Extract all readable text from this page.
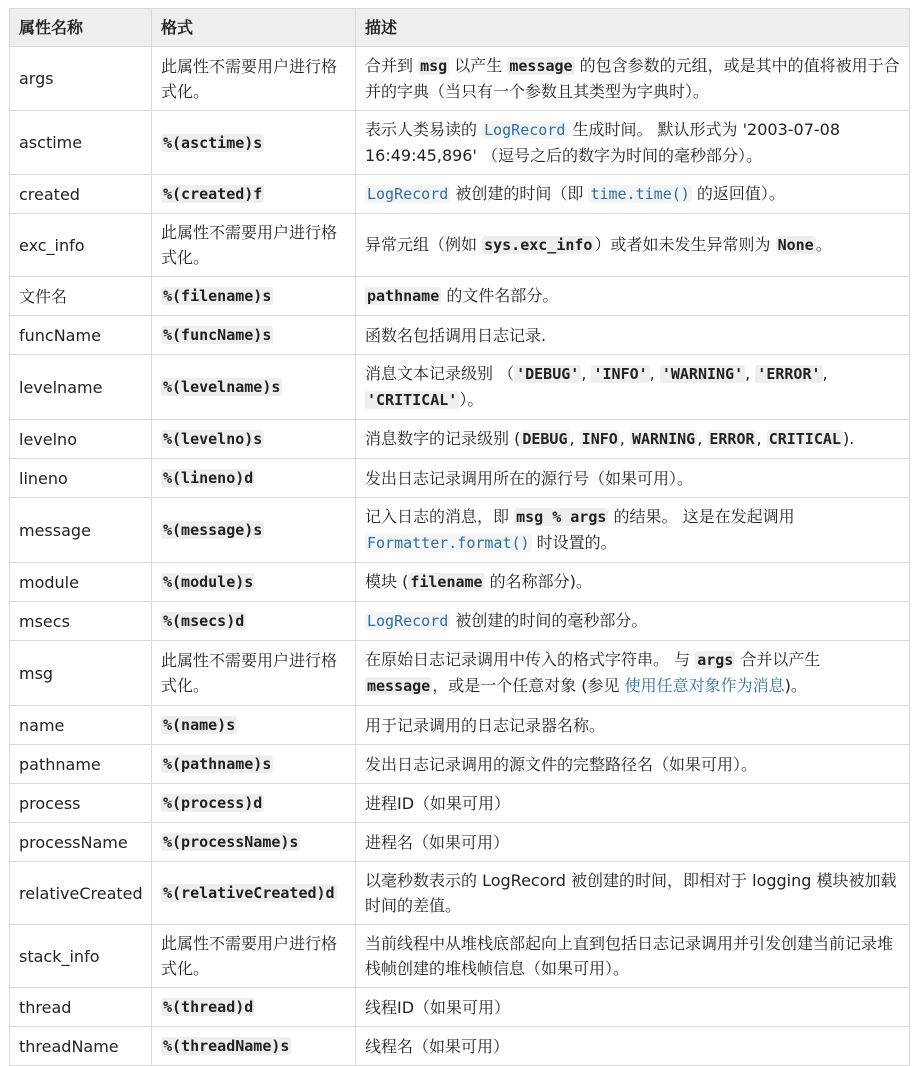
属性名称	格式	描述
args	此属性不需要用户进行格式化。	合并到 msg 以产生 message 的包含参数的元组，或是其中的值将被用于合并的字典（当只有一个参数且其类型为字典时）。
asctime	%(asctime)s	表示人类易读的 LogRecord 生成时间。 默认形式为 '2003-07-08 16:49:45,896' （逗号之后的数字为时间的毫秒部分）。
created	%(created)f	LogRecord 被创建的时间（即 time.time() 的返回值）。
exc_info	此属性不需要用户进行格式化。	异常元组（例如 sys.exc_info ）或者如未发生异常则为 None 。
文件名	%(filename)s	pathname 的文件名部分。
funcName	%(funcName)s	函数名包括调用日志记录.
levelname	%(levelname)s	消息文本记录级别 （ 'DEBUG' , 'INFO' , 'WARNING' , 'ERROR' , 'CRITICAL' ）。
levelno	%(levelno)s	消息数字的记录级别 ( DEBUG , INFO , WARNING , ERROR , CRITICAL ).
lineno	%(lineno)d	发出日志记录调用所在的源行号（如果可用）。
message	%(message)s	记入日志的消息，即 msg % args 的结果。 这是在发起调用 Formatter.format() 时设置的。
module	%(module)s	模块 ( filename 的名称部分)。
msecs	%(msecs)d	LogRecord 被创建的时间的毫秒部分。
msg	此属性不需要用户进行格式化。	在原始日志记录调用中传入的格式字符串。 与 args 合并以产生 message ，或是一个任意对象 (参见 使用任意对象作为消息)。
name	%(name)s	用于记录调用的日志记录器名称。
pathname	%(pathname)s	发出日志记录调用的源文件的完整路径名（如果可用）。
process	%(process)d	进程ID（如果可用）
processName	%(processName)s	进程名（如果可用）
relativeCreated	%(relativeCreated)d	以毫秒数表示的 LogRecord 被创建的时间，即相对于 logging 模块被加载时间的差值。
stack_info	此属性不需要用户进行格式化。	当前线程中从堆栈底部起向上直到包括日志记录调用并引发创建当前记录堆栈帧创建的堆栈帧信息（如果可用）。
thread	%(thread)d	线程ID（如果可用）
threadName	%(threadName)s	线程名（如果可用）
